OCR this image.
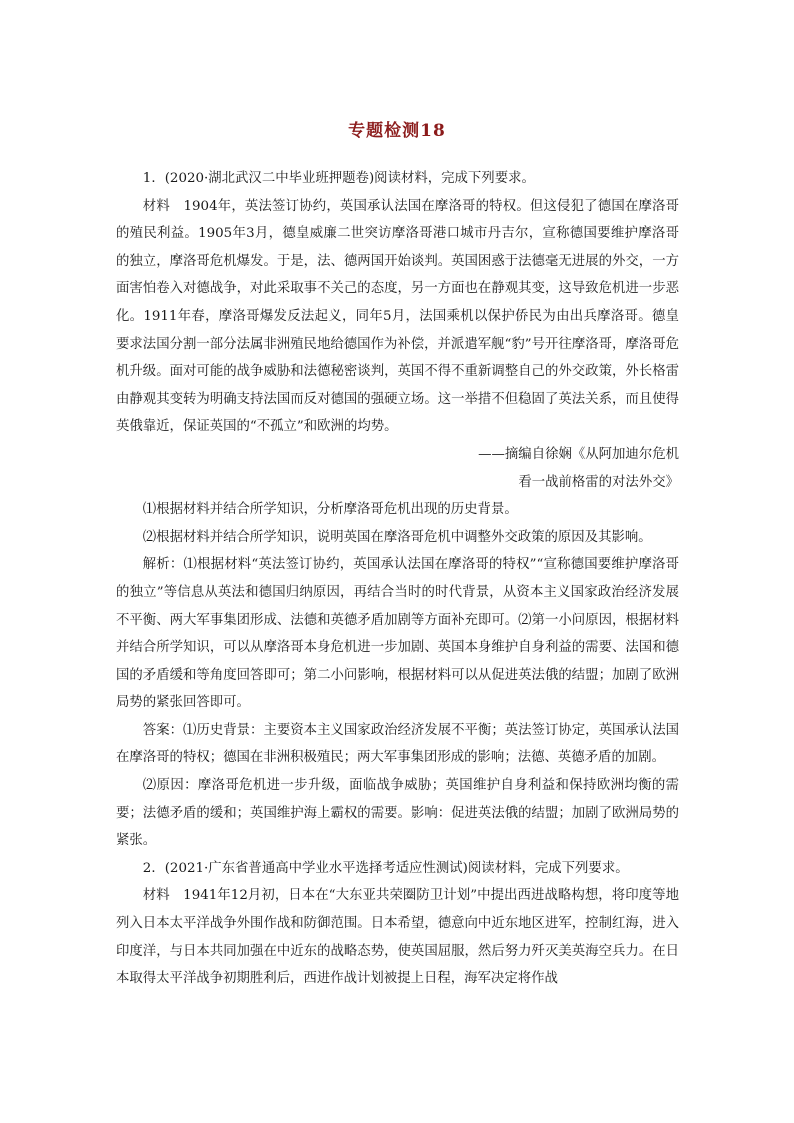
专题检测18

1．(2020·湖北武汉二中毕业班押题卷)阅读材料，完成下列要求。

材料　1904年，英法签订协约，英国承认法国在摩洛哥的特权。但这侵犯了德国在摩洛哥的殖民利益。1905年3月，德皇威廉二世突访摩洛哥港口城市丹吉尔，宣称德国要维护摩洛哥的独立，摩洛哥危机爆发。于是，法、德两国开始谈判。英国困惑于法德毫无进展的外交，一方面害怕卷入对德战争，对此采取事不关己的态度，另一方面也在静观其变，这导致危机进一步恶化。1911年春，摩洛哥爆发反法起义，同年5月，法国乘机以保护侨民为由出兵摩洛哥。德皇要求法国分割一部分法属非洲殖民地给德国作为补偿，并派遣军舰“豹”号开往摩洛哥，摩洛哥危机升级。面对可能的战争威胁和法德秘密谈判，英国不得不重新调整自己的外交政策，外长格雷由静观其变转为明确支持法国而反对德国的强硬立场。这一举措不但稳固了英法关系，而且使得英俄靠近，保证英国的“不孤立”和欧洲的均势。

——摘编自徐娴《从阿加迪尔危机

看一战前格雷的对法外交》

⑴根据材料并结合所学知识，分析摩洛哥危机出现的历史背景。

⑵根据材料并结合所学知识，说明英国在摩洛哥危机中调整外交政策的原因及其影响。

解析：⑴根据材料“英法签订协约，英国承认法国在摩洛哥的特权”“宣称德国要维护摩洛哥的独立”等信息从英法和德国归纳原因，再结合当时的时代背景，从资本主义国家政治经济发展不平衡、两大军事集团形成、法德和英德矛盾加剧等方面补充即可。⑵第一小问原因，根据材料并结合所学知识，可以从摩洛哥本身危机进一步加剧、英国本身维护自身利益的需要、法国和德国的矛盾缓和等角度回答即可；第二小问影响，根据材料可以从促进英法俄的结盟；加剧了欧洲局势的紧张回答即可。

答案：⑴历史背景：主要资本主义国家政治经济发展不平衡；英法签订协定，英国承认法国在摩洛哥的特权；德国在非洲积极殖民；两大军事集团形成的影响；法德、英德矛盾的加剧。

⑵原因：摩洛哥危机进一步升级，面临战争威胁；英国维护自身利益和保持欧洲均衡的需要；法德矛盾的缓和；英国维护海上霸权的需要。影响：促进英法俄的结盟；加剧了欧洲局势的紧张。

2．(2021·广东省普通高中学业水平选择考适应性测试)阅读材料，完成下列要求。

材料　1941年12月初，日本在“大东亚共荣圈防卫计划”中提出西进战略构想，将印度等地列入日本太平洋战争外围作战和防御范围。日本希望，德意向中近东地区进军，控制红海，进入印度洋，与日本共同加强在中近东的战略态势，使英国屈服，然后努力歼灭美英海空兵力。在日本取得太平洋战争初期胜利后，西进作战计划被提上日程，海军决定将作战
